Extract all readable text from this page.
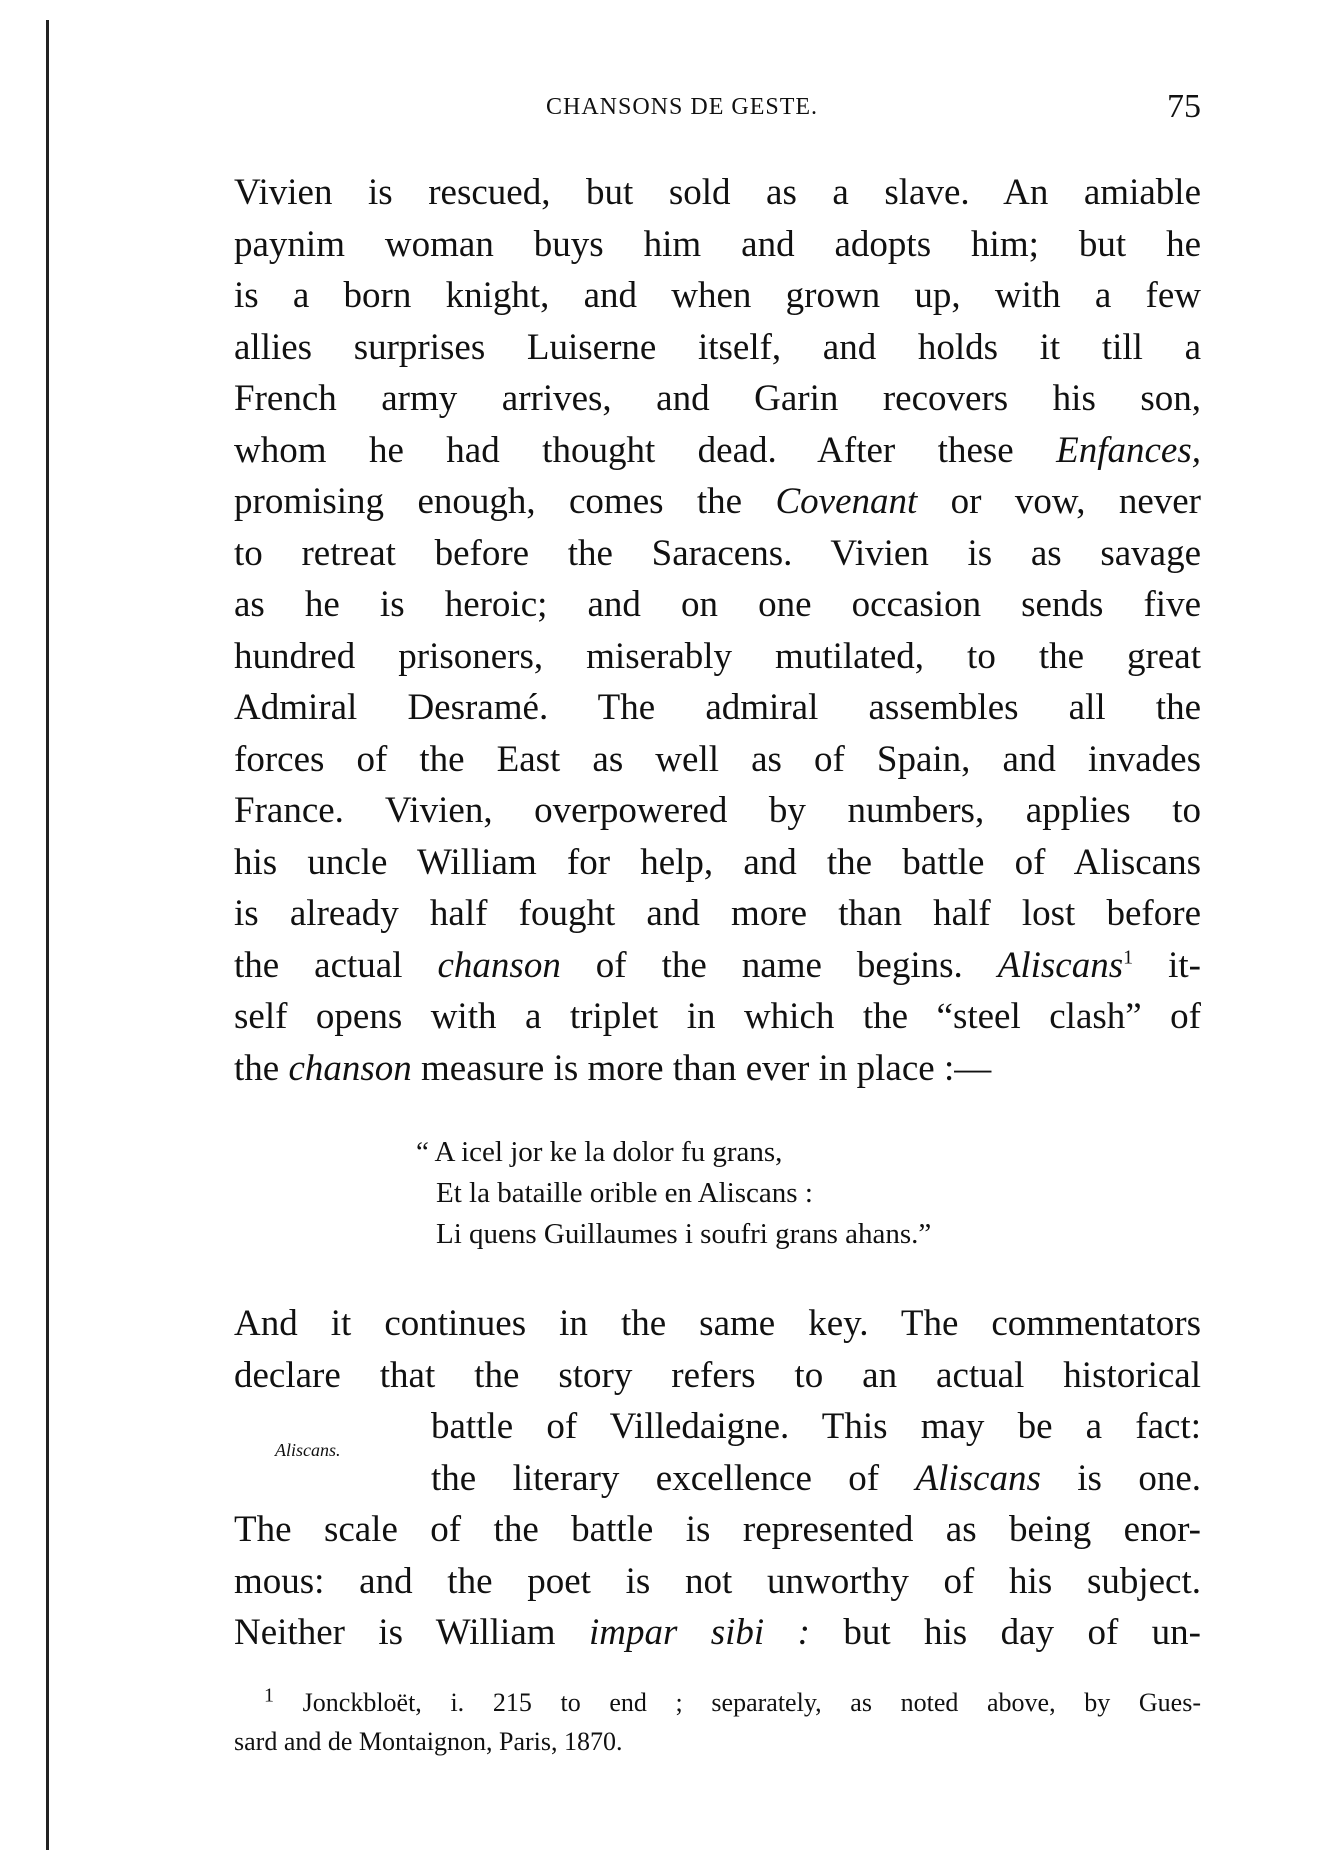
CHANSONS DE GESTE.	75
Vivien is rescued, but sold as a slave. An amiable
paynim woman buys him and adopts him; but he
is a born knight, and when grown up, with a few
allies surprises Luiserne itself, and holds it till a
French army arrives, and Garin recovers his son,
whom he had thought dead. After these Enfances,
promising enough, comes the Covenant or vow, never
to retreat before the Saracens. Vivien is as savage
as he is heroic; and on one occasion sends five
hundred prisoners, miserably mutilated, to the great
Admiral Desramé. The admiral assembles all the
forces of the East as well as of Spain, and invades
France. Vivien, overpowered by numbers, applies to
his uncle William for help, and the battle of Aliscans
is already half fought and more than half lost before
the actual chanson of the name begins. Aliscans$^1$ it-
self opens with a triplet in which the “steel clash” of
the chanson measure is more than ever in place :—
“ A icel jor ke la dolor fu grans,
Et la bataille orible en Aliscans :
Li quens Guillaumes i soufri grans ahans.”
And it continues in the same key. The commentators
declare that the story refers to an actual historical
battle of Villedaigne. This may be a fact:
the literary excellence of Aliscans is one.
The scale of the battle is represented as being enor-
mous: and the poet is not unworthy of his subject.
Neither is William impar sibi : but his day of un-
Aliscans.
$^1$ Jonckbloët, i. 215 to end ; separately, as noted above, by Gues-
sard and de Montaignon, Paris, 1870.
